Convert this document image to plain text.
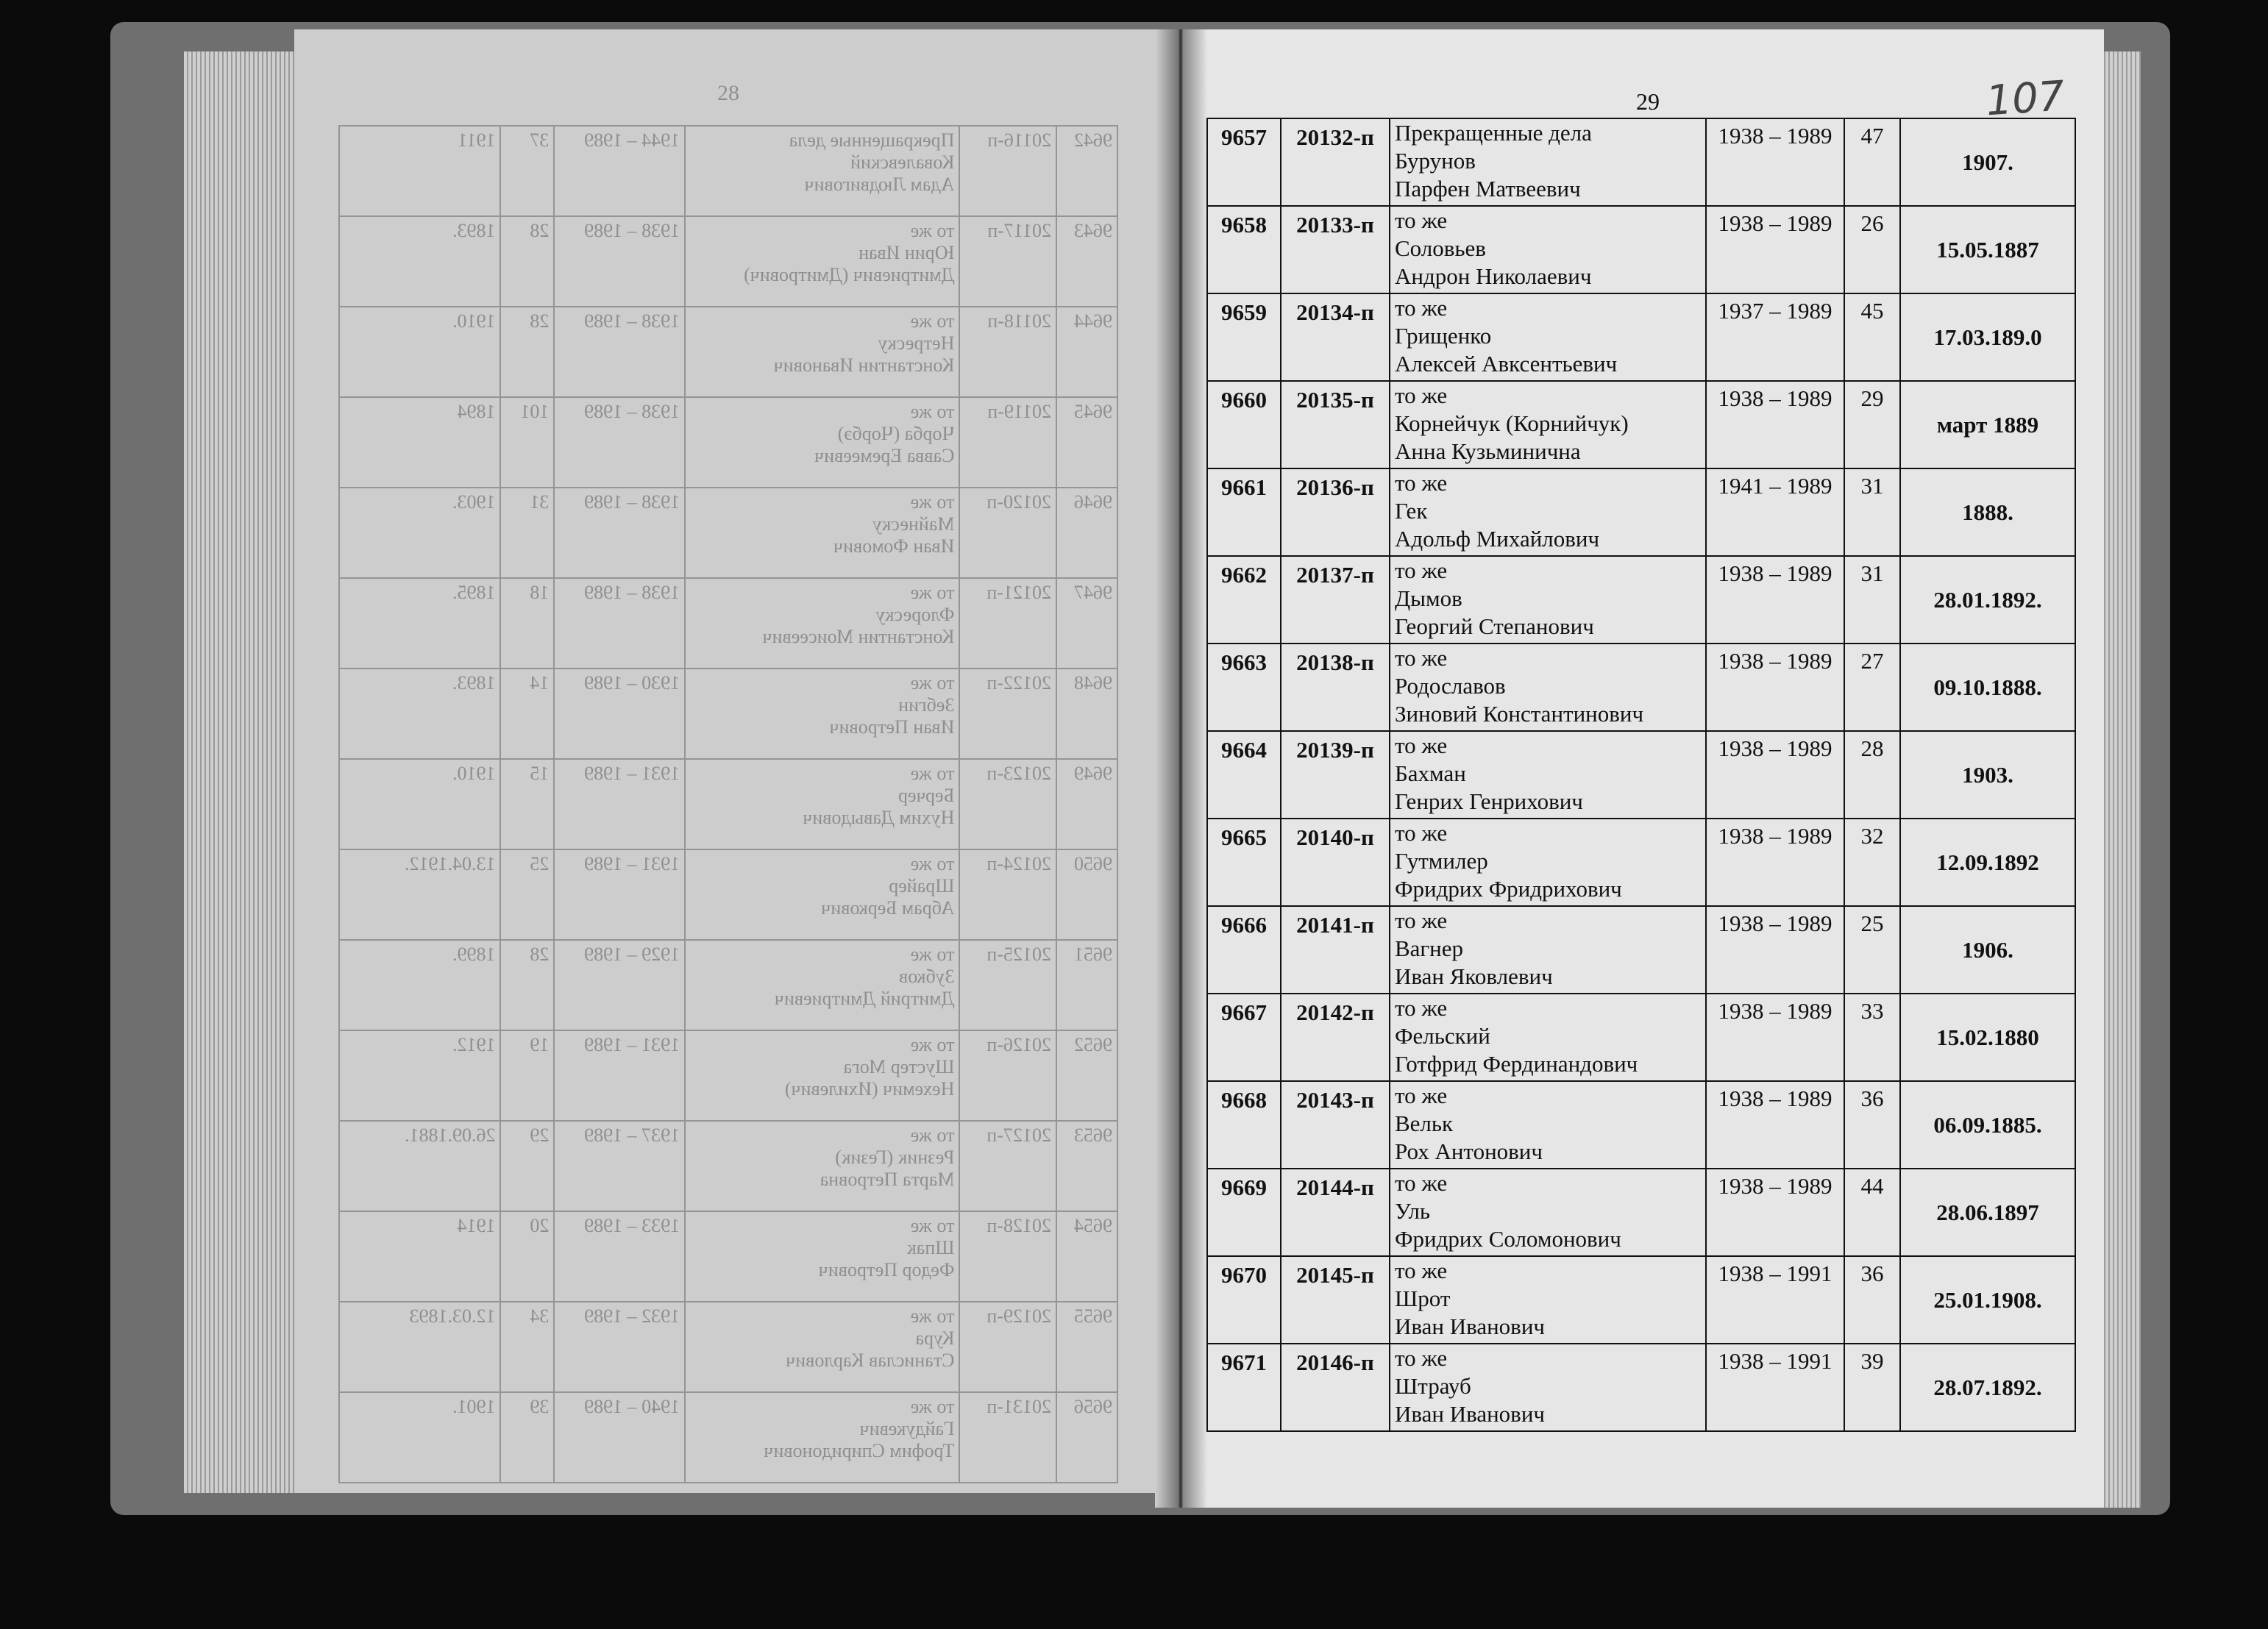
28
9642	20116-п	Прекращенные дела
Ковалевский
Адам Людвигович	1944 – 1989	37	1911
9643	20117-п	то же
Юрин Иван
Дмитриевич (Дмитрович)	1938 – 1989	28	1893.
9644	20118-п	то же
Нетреску
Константин Иванович	1938 – 1989	28	1910.
9645	20119-п	то же
Чорба (Чорбэ)
Савва Еремеевич	1938 – 1989	101	1894
9646	20120-п	то же
Майнеску
Иван Фомович	1938 – 1989	31	1903.
9647	20121-п	то же
Флореску
Константин Моисеевич	1938 – 1989	18	1895.
9648	20122-п	то же
Зебгин
Иван Петрович	1930 – 1989	14	1893.
9649	20123-п	то же
Берчер
Нухим Давыдович	1931 – 1989	15	1910.
9650	20124-п	то же
Шрайер
Абрам Беркович	1931 – 1989	25	13.04.1912.
9651	20125-п	то же
Зубков
Дмитрий Дмитриевич	1929 – 1989	28	1899.
9652	20126-п	то же
Шустер Мога
Нехемич (Ихилевич)	1931 – 1989	19	1912.
9653	20127-п	то же
Резник (Гезик)
Марта Петровна	1937 – 1989	29	26.09.1881.
9654	20128-п	то же
Шпак
Федор Петрович	1933 – 1989	20	1914
9655	20129-п	то же
Кура
Станислав Карлович	1932 – 1989	34	12.03.1893
9656	20131-п	то же
Гайдукевич
Трофим Спиридонович	1940 – 1989	39	1901.
29	107
9657	20132-п	Прекращенные дела
Бурунов
Парфен Матвеевич	1938 – 1989	47	1907.
9658	20133-п	то же
Соловьев
Андрон Николаевич	1938 – 1989	26	15.05.1887
9659	20134-п	то же
Грищенко
Алексей Авксентьевич	1937 – 1989	45	17.03.189.0
9660	20135-п	то же
Корнейчук (Корнийчук)
Анна Кузьминична	1938 – 1989	29	март 1889
9661	20136-п	то же
Гек
Адольф Михайлович	1941 – 1989	31	1888.
9662	20137-п	то же
Дымов
Георгий Степанович	1938 – 1989	31	28.01.1892.
9663	20138-п	то же
Родославов
Зиновий Константинович	1938 – 1989	27	09.10.1888.
9664	20139-п	то же
Бахман
Генрих Генрихович	1938 – 1989	28	1903.
9665	20140-п	то же
Гутмилер
Фридрих Фридрихович	1938 – 1989	32	12.09.1892
9666	20141-п	то же
Вагнер
Иван Яковлевич	1938 – 1989	25	1906.
9667	20142-п	то же
Фельский
Готфрид Фердинандович	1938 – 1989	33	15.02.1880
9668	20143-п	то же
Вельк
Рох Антонович	1938 – 1989	36	06.09.1885.
9669	20144-п	то же
Уль
Фридрих Соломонович	1938 – 1989	44	28.06.1897
9670	20145-п	то же
Шрот
Иван Иванович	1938 – 1991	36	25.01.1908.
9671	20146-п	то же
Штрауб
Иван Иванович	1938 – 1991	39	28.07.1892.
